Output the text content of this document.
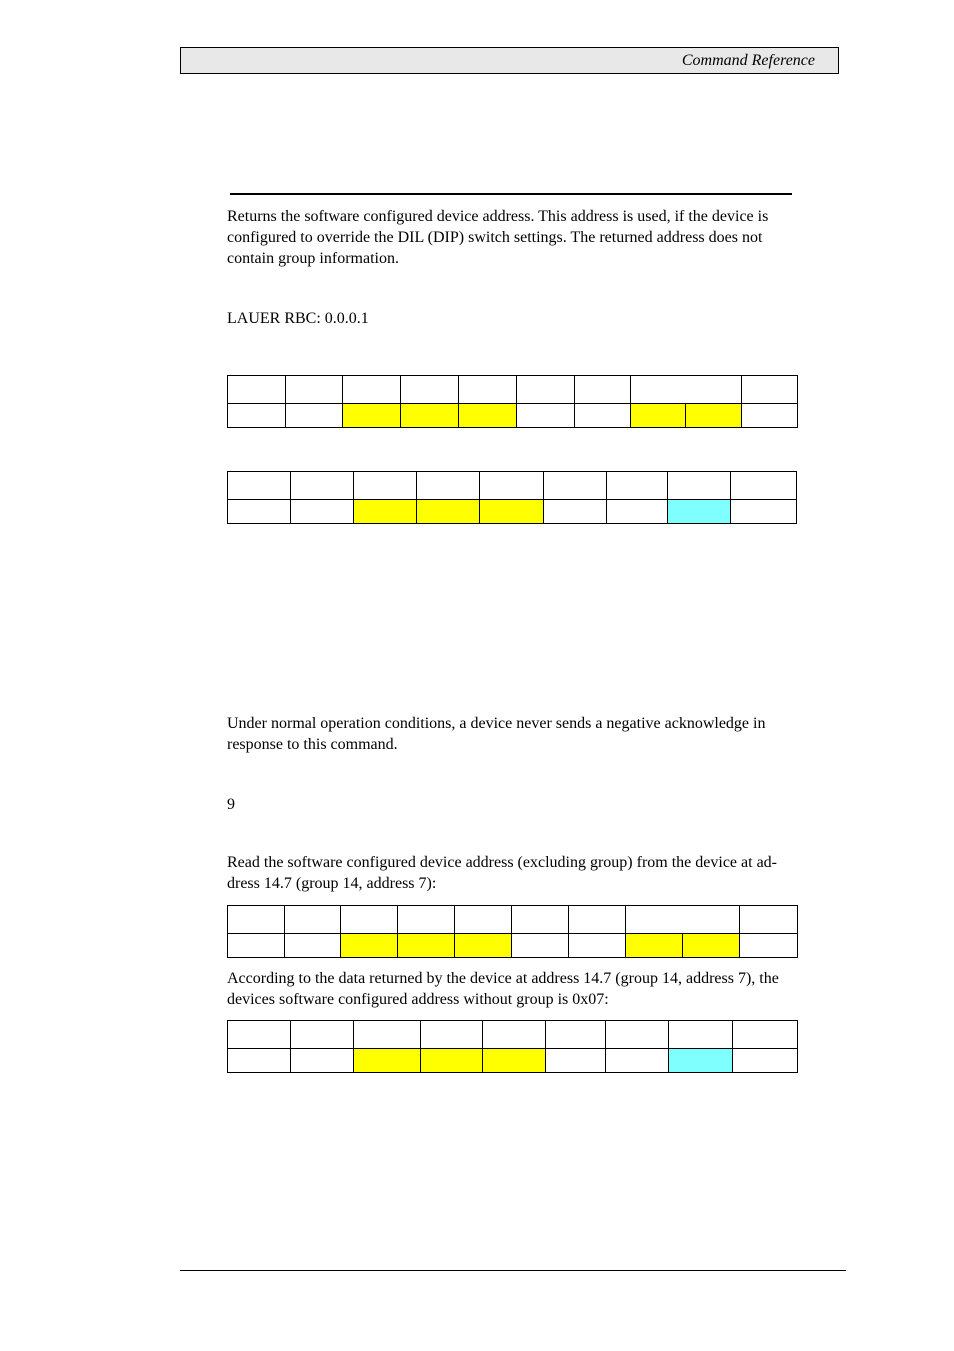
Command Reference

Returns the software configured device address. This address is used, if the device is configured to override the DIL (DIP) switch settings. The returned address does not contain group information.

LAUER RBC: 0.0.0.1

Under normal operation conditions, a device never sends a negative acknowledge in response to this command.

9

Read the software configured device address (excluding group) from the device at ad-dress 14.7 (group 14, address 7):

According to the data returned by the device at address 14.7 (group 14, address 7), the devices software configured address without group is 0x07:
